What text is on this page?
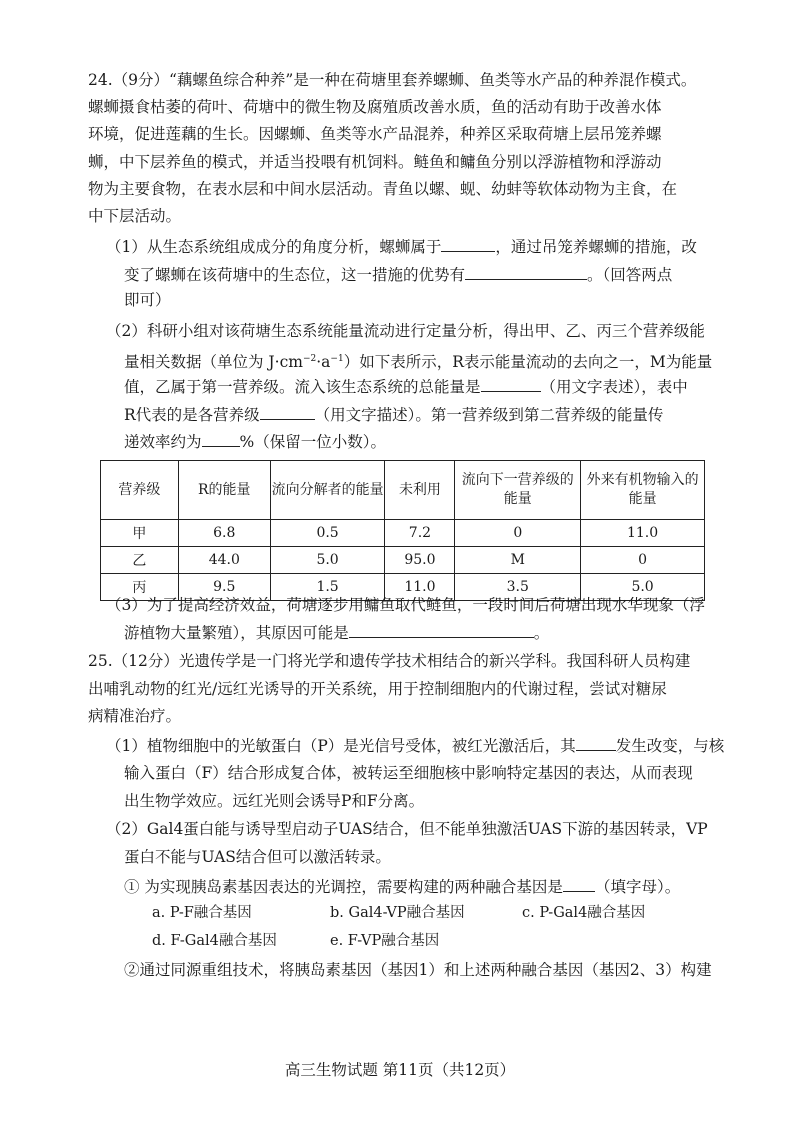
24.（9分）“藕螺鱼综合种养”是一种在荷塘里套养螺蛳、鱼类等水产品的种养混作模式。
螺蛳摄食枯萎的荷叶、荷塘中的微生物及腐殖质改善水质，鱼的活动有助于改善水体
环境，促进莲藕的生长。因螺蛳、鱼类等水产品混养，种养区采取荷塘上层吊笼养螺
蛳，中下层养鱼的模式，并适当投喂有机饲料。鲢鱼和鳙鱼分别以浮游植物和浮游动
物为主要食物，在表水层和中间水层活动。青鱼以螺、蚬、幼蚌等软体动物为主食，在
中下层活动。
（1）从生态系统组成成分的角度分析，螺蛳属于	，通过吊笼养螺蛳的措施，改
变了螺蛳在该荷塘中的生态位，这一措施的优势有	。（回答两点
即可）
（2）科研小组对该荷塘生态系统能量流动进行定量分析，得出甲、乙、丙三个营养级能
量相关数据（单位为 $J\cdot cm^{-2}\cdot a^{-1}$）如下表所示，R表示能量流动的去向之一，M为能量
值，乙属于第一营养级。流入该生态系统的总能量是	（用文字表述），表中
R代表的是各营养级	（用文字描述）。第一营养级到第二营养级的能量传
递效率约为 %（保留一位小数）。
营养级	R的能量	流向分解者的能量	未利用	流向下一营养级的能量	外来有机物输入的能量
甲	6.8	0.5	7.2	0	11.0
乙	44.0	5.0	95.0	M	0
丙	9.5	1.5	11.0	3.5	5.0
（3）为了提高经济效益，荷塘逐步用鳙鱼取代鲢鱼，一段时间后荷塘出现水华现象（浮
游植物大量繁殖），其原因可能是	。
25.（12分）光遗传学是一门将光学和遗传学技术相结合的新兴学科。我国科研人员构建
出哺乳动物的红光/远红光诱导的开关系统，用于控制细胞内的代谢过程，尝试对糖尿
病精准治疗。
（1）植物细胞中的光敏蛋白（P）是光信号受体，被红光激活后，其	发生改变，与核
输入蛋白（F）结合形成复合体，被转运至细胞核中影响特定基因的表达，从而表现
出生物学效应。远红光则会诱导P和F分离。
（2）Gal4蛋白能与诱导型启动子UAS结合，但不能单独激活UAS下游的基因转录，VP
蛋白不能与UAS结合但可以激活转录。
① 为实现胰岛素基因表达的光调控，需要构建的两种融合基因是 （填字母）。
a. P-F融合基因	b. Gal4-VP融合基因	c. P-Gal4融合基因
d. F-Gal4融合基因	e. F-VP融合基因
②通过同源重组技术，将胰岛素基因（基因1）和上述两种融合基因（基因2、3）构建
高三生物试题 第11页（共12页）
